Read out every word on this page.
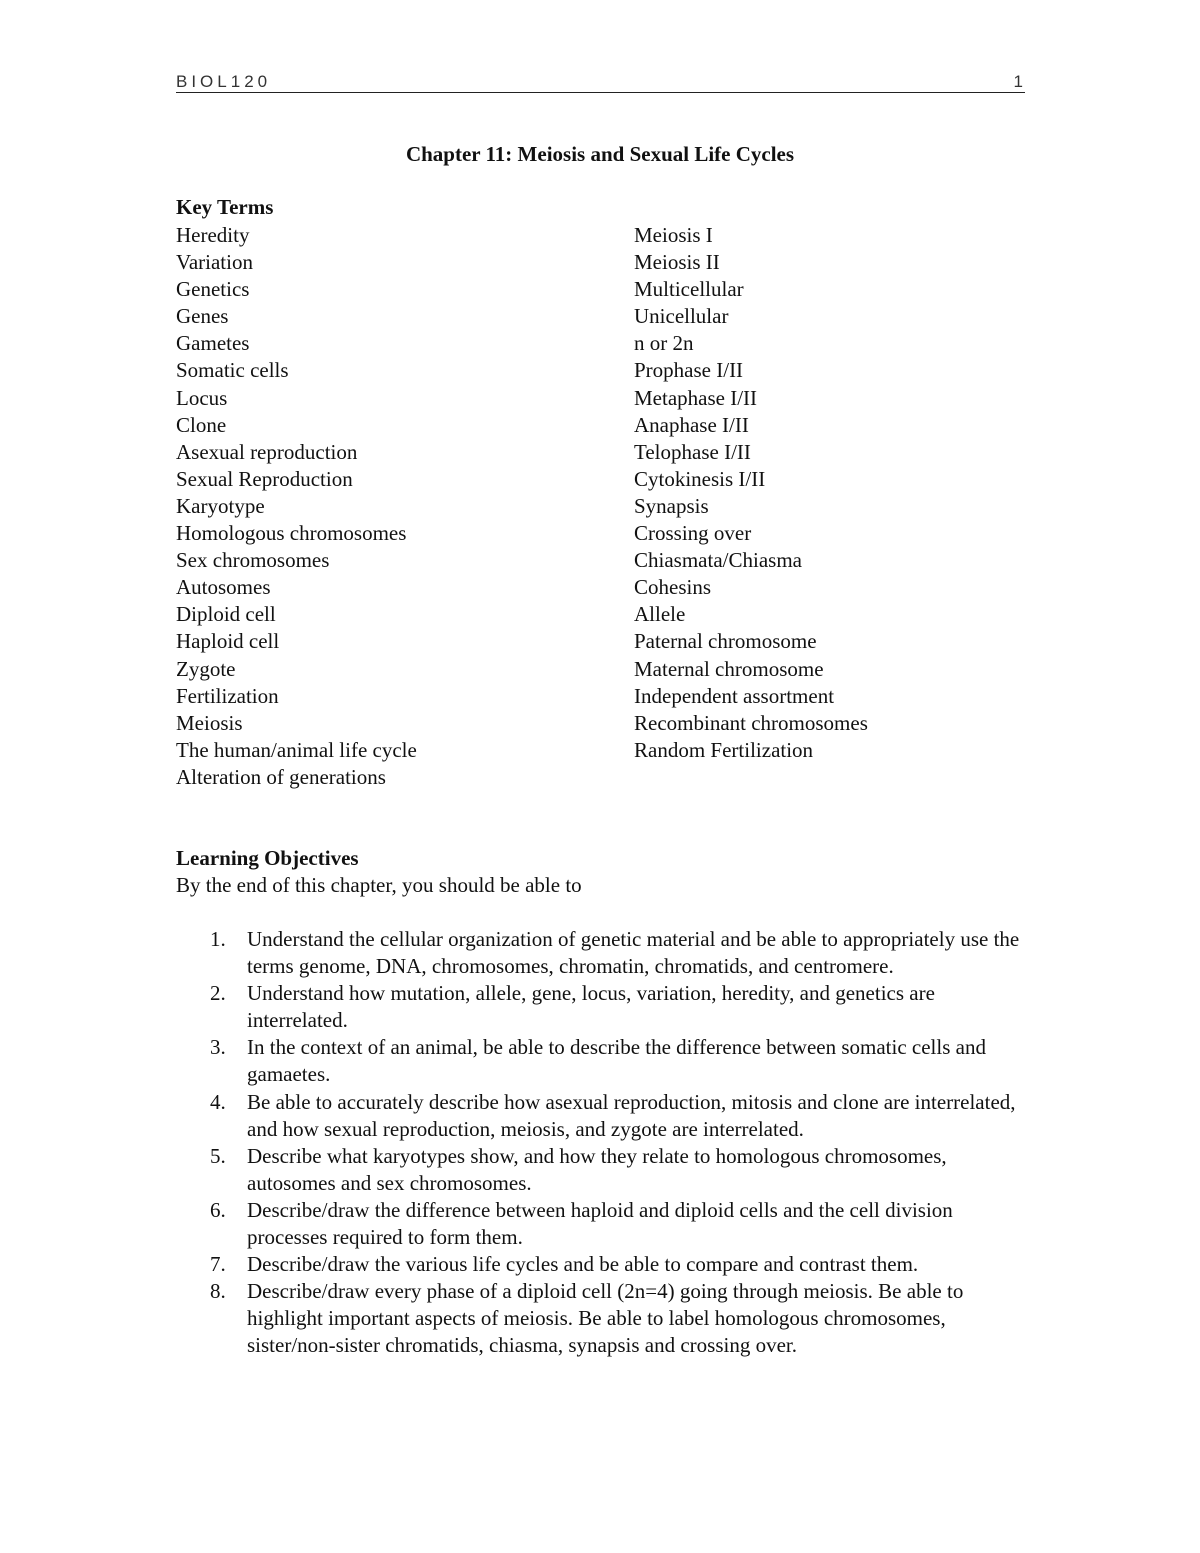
BIOL120	1
Chapter 11: Meiosis and Sexual Life Cycles
Key Terms
Heredity
Variation
Genetics
Genes
Gametes
Somatic cells
Locus
Clone
Asexual reproduction
Sexual Reproduction
Karyotype
Homologous chromosomes
Sex chromosomes
Autosomes
Diploid cell
Haploid cell
Zygote
Fertilization
Meiosis
The human/animal life cycle
Alteration of generations
Meiosis I
Meiosis II
Multicellular
Unicellular
n or 2n
Prophase I/II
Metaphase I/II
Anaphase I/II
Telophase I/II
Cytokinesis I/II
Synapsis
Crossing over
Chiasmata/Chiasma
Cohesins
Allele
Paternal chromosome
Maternal chromosome
Independent assortment
Recombinant chromosomes
Random Fertilization
Learning Objectives
By the end of this chapter, you should be able to
1. Understand the cellular organization of genetic material and be able to appropriately use the terms genome, DNA, chromosomes, chromatin, chromatids, and centromere.
2. Understand how mutation, allele, gene, locus, variation, heredity, and genetics are interrelated.
3. In the context of an animal, be able to describe the difference between somatic cells and gamaetes.
4. Be able to accurately describe how asexual reproduction, mitosis and clone are interrelated, and how sexual reproduction, meiosis, and zygote are interrelated.
5. Describe what karyotypes show, and how they relate to homologous chromosomes, autosomes and sex chromosomes.
6. Describe/draw the difference between haploid and diploid cells and the cell division processes required to form them.
7. Describe/draw the various life cycles and be able to compare and contrast them.
8. Describe/draw every phase of a diploid cell (2n=4) going through meiosis. Be able to highlight important aspects of meiosis. Be able to label homologous chromosomes, sister/non-sister chromatids, chiasma, synapsis and crossing over.
